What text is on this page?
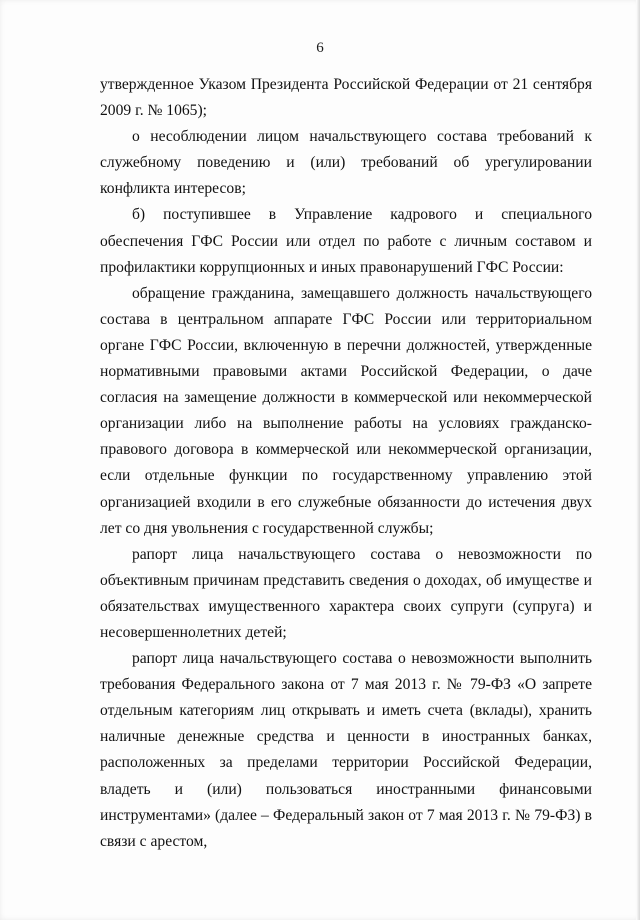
6

утвержденное Указом Президента Российской Федерации от 21 сентября 2009 г. № 1065);

о несоблюдении лицом начальствующего состава требований к служебному поведению и (или) требований об урегулировании конфликта интересов;

б) поступившее в Управление кадрового и специального обеспечения ГФС России или отдел по работе с личным составом и профилактики коррупционных и иных правонарушений ГФС России:

обращение гражданина, замещавшего должность начальствующего состава в центральном аппарате ГФС России или территориальном органе ГФС России, включенную в перечни должностей, утвержденные нормативными правовыми актами Российской Федерации, о даче согласия на замещение должности в коммерческой или некоммерческой организации либо на выполнение работы на условиях гражданско-правового договора в коммерческой или некоммерческой организации, если отдельные функции по государственному управлению этой организацией входили в его служебные обязанности до истечения двух лет со дня увольнения с государственной службы;

рапорт лица начальствующего состава о невозможности по объективным причинам представить сведения о доходах, об имуществе и обязательствах имущественного характера своих супруги (супруга) и несовершеннолетних детей;

рапорт лица начальствующего состава о невозможности выполнить требования Федерального закона от 7 мая 2013 г. № 79-ФЗ «О запрете отдельным категориям лиц открывать и иметь счета (вклады), хранить наличные денежные средства и ценности в иностранных банках, расположенных за пределами территории Российской Федерации, владеть и (или) пользоваться иностранными финансовыми инструментами» (далее – Федеральный закон от 7 мая 2013 г. № 79-ФЗ) в связи с арестом,
